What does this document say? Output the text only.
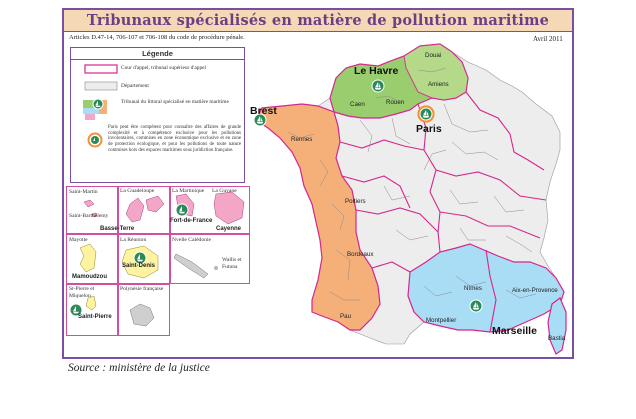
Tribunaux spécialisés en matière de pollution maritime
Articles D.47-14, 706-107 et 706-108 du code de procédure pénale.	Avril 2011
Douai
Amiens
Le Havre
Caen	Rouen
Paris
Brest
Rennes
Poitiers
Bordeaux
Pau
Nîmes	Aix-en-Provence
Montpellier
Marseille
Bastia
Légende
Cour d'appel, tribunal supérieur d'appel
Département
Tribunal du littoral spécialisé en matière maritime
Paris peut être compétent pour connaître des affaires de grande complexité et à compétence exclusive pour les pollutions involontaires, commises en zone économique exclusive et en zone de protection écologique, et pour les pollutions de toute nature commises hors des espaces maritimes sous juridiction française.
Saint-Martin
Saint-Barthélemy
La Guadeloupe
Basse-Terre
La Martinique
Fort-de-France
La Guyane
Cayenne
Mayotte
Mamoudzou
La Réunion
Saint-Denis
Nvelle Calédonie
Wallis et Futuna
St-Pierre et Miquelon
Saint-Pierre
Polynésie française
Source : ministère de la justice
